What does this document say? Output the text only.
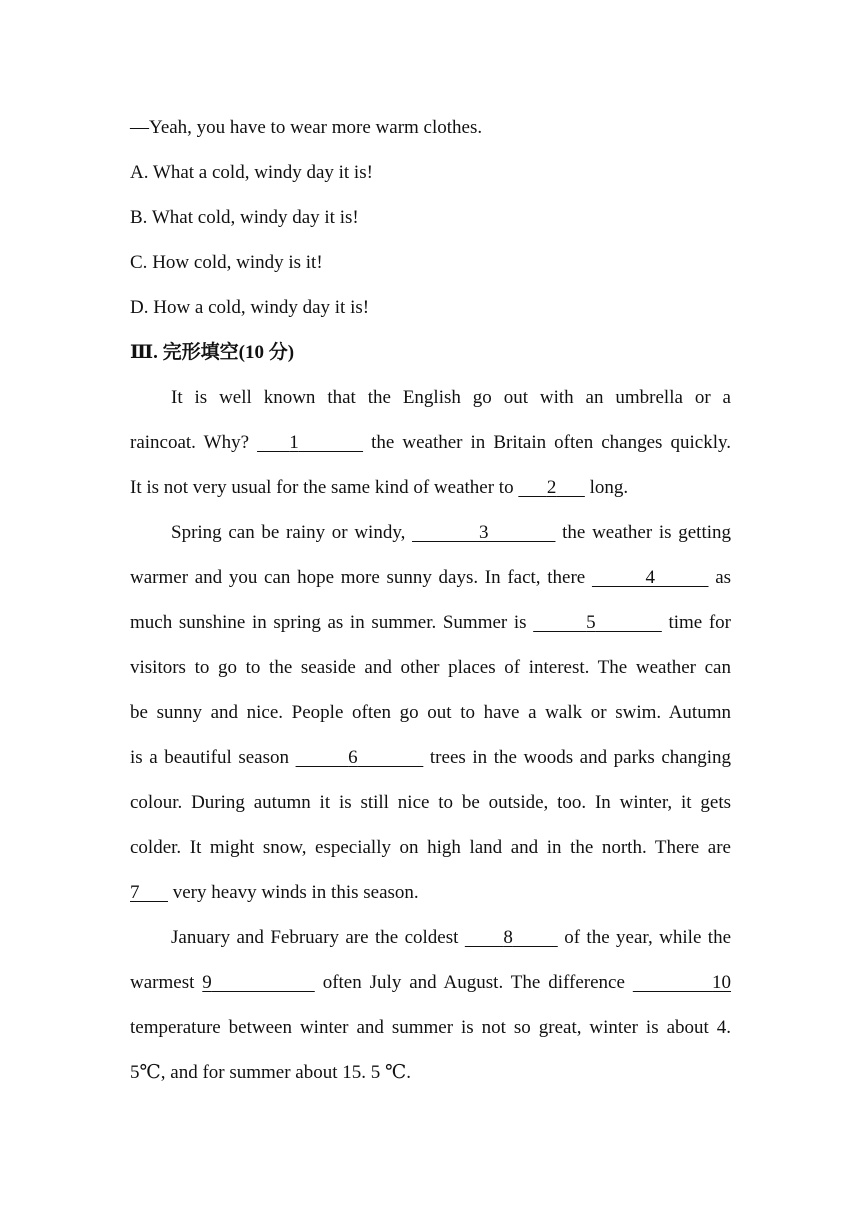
—Yeah, you have to wear more warm clothes.
A. What a cold, windy day it is!
B. What cold, windy day it is!
C. How cold, windy is it!
D. How a cold, windy day it is!
Ⅲ. 完形填空(10 分)
It is well known that the English go out with an umbrella or a
raincoat. Why? 1	the weather in Britain often changes quickly.
It is not very usual for the same kind of weather to 2 long.
Spring can be rainy or windy,	3	the weather is getting
warmer and you can hope more sunny days. In fact, there	4	as
much sunshine in spring as in summer. Summer is	5	time for
visitors to go to the seaside and other places of interest. The weather can
be sunny and nice. People often go out to have a walk or swim. Autumn
is a beautiful season	6	trees in the woods and parks changing
colour. During autumn it is still nice to be outside, too. In winter, it gets
colder. It might snow, especially on high land and in the north. There are
7 very heavy winds in this season.
January and February are the coldest 8	of the year, while the
warmest 9	often July and August. The difference	10
temperature between winter and summer is not so great, winter is about 4.
5℃, and for summer about 15. 5 ℃.
